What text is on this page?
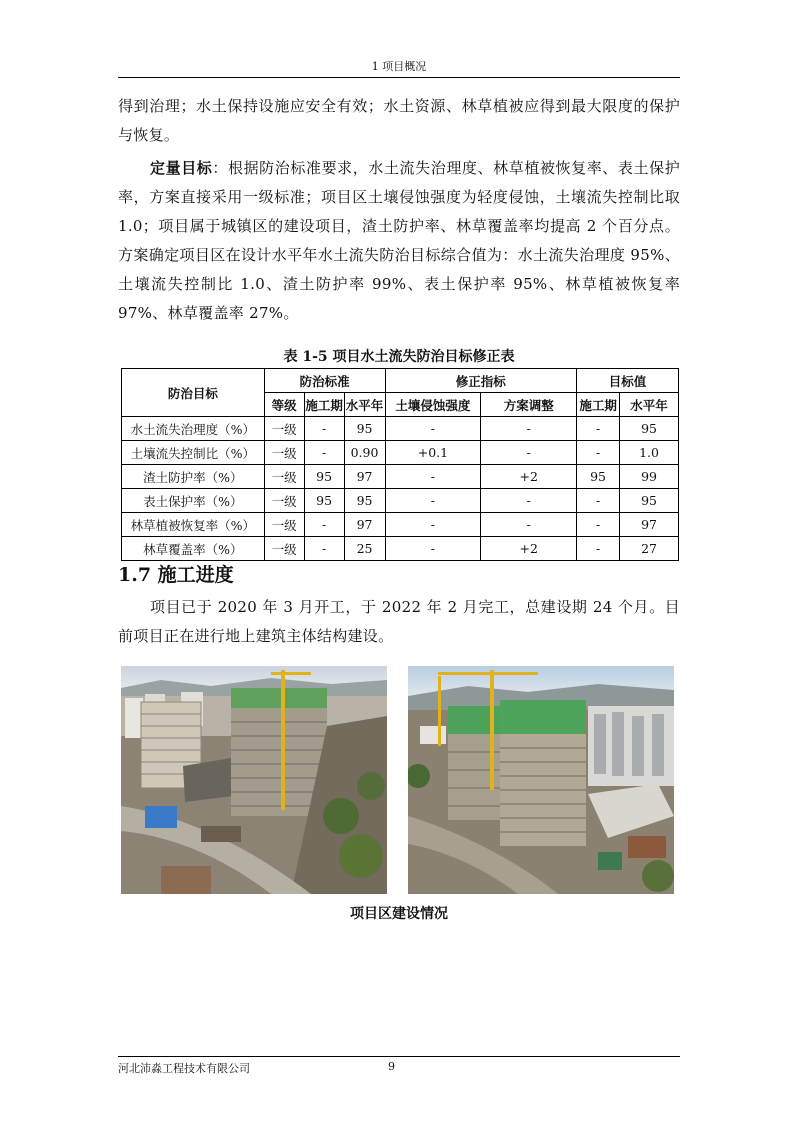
1 项目概况

得到治理；水土保持设施应安全有效；水土资源、林草植被应得到最大限度的保护与恢复。

定量目标：根据防治标准要求，水土流失治理度、林草植被恢复率、表土保护率，方案直接采用一级标准；项目区土壤侵蚀强度为轻度侵蚀，土壤流失控制比取 1.0；项目属于城镇区的建设项目，渣土防护率、林草覆盖率均提高 2 个百分点。方案确定项目区在设计水平年水土流失防治目标综合值为：水土流失治理度 95%、土壤流失控制比 1.0、渣土防护率 99%、表土保护率 95%、林草植被恢复率 97%、林草覆盖率 27%。

表 1-5 项目水土流失防治目标修正表
防治目标	防治标准			修正指标		目标值	
	等级	施工期	水平年	土壤侵蚀强度	方案调整	施工期	水平年
水土流失治理度（%）	一级	-	95	-	-	-	95
土壤流失控制比（%）	一级	-	0.90	+0.1	-	-	1.0
渣土防护率（%）	一级	95	97	-	+2	95	99
表土保护率（%）	一级	95	95	-	-	-	95
林草植被恢复率（%）	一级	-	97	-	-	-	97
林草覆盖率（%）	一级	-	25	-	+2	-	27
1.7 施工进度

项目已于 2020 年 3 月开工，于 2022 年 2 月完工，总建设期 24 个月。目前项目正在进行地上建筑主体结构建设。

项目区建设情况
河北沛淼工程技术有限公司	9
